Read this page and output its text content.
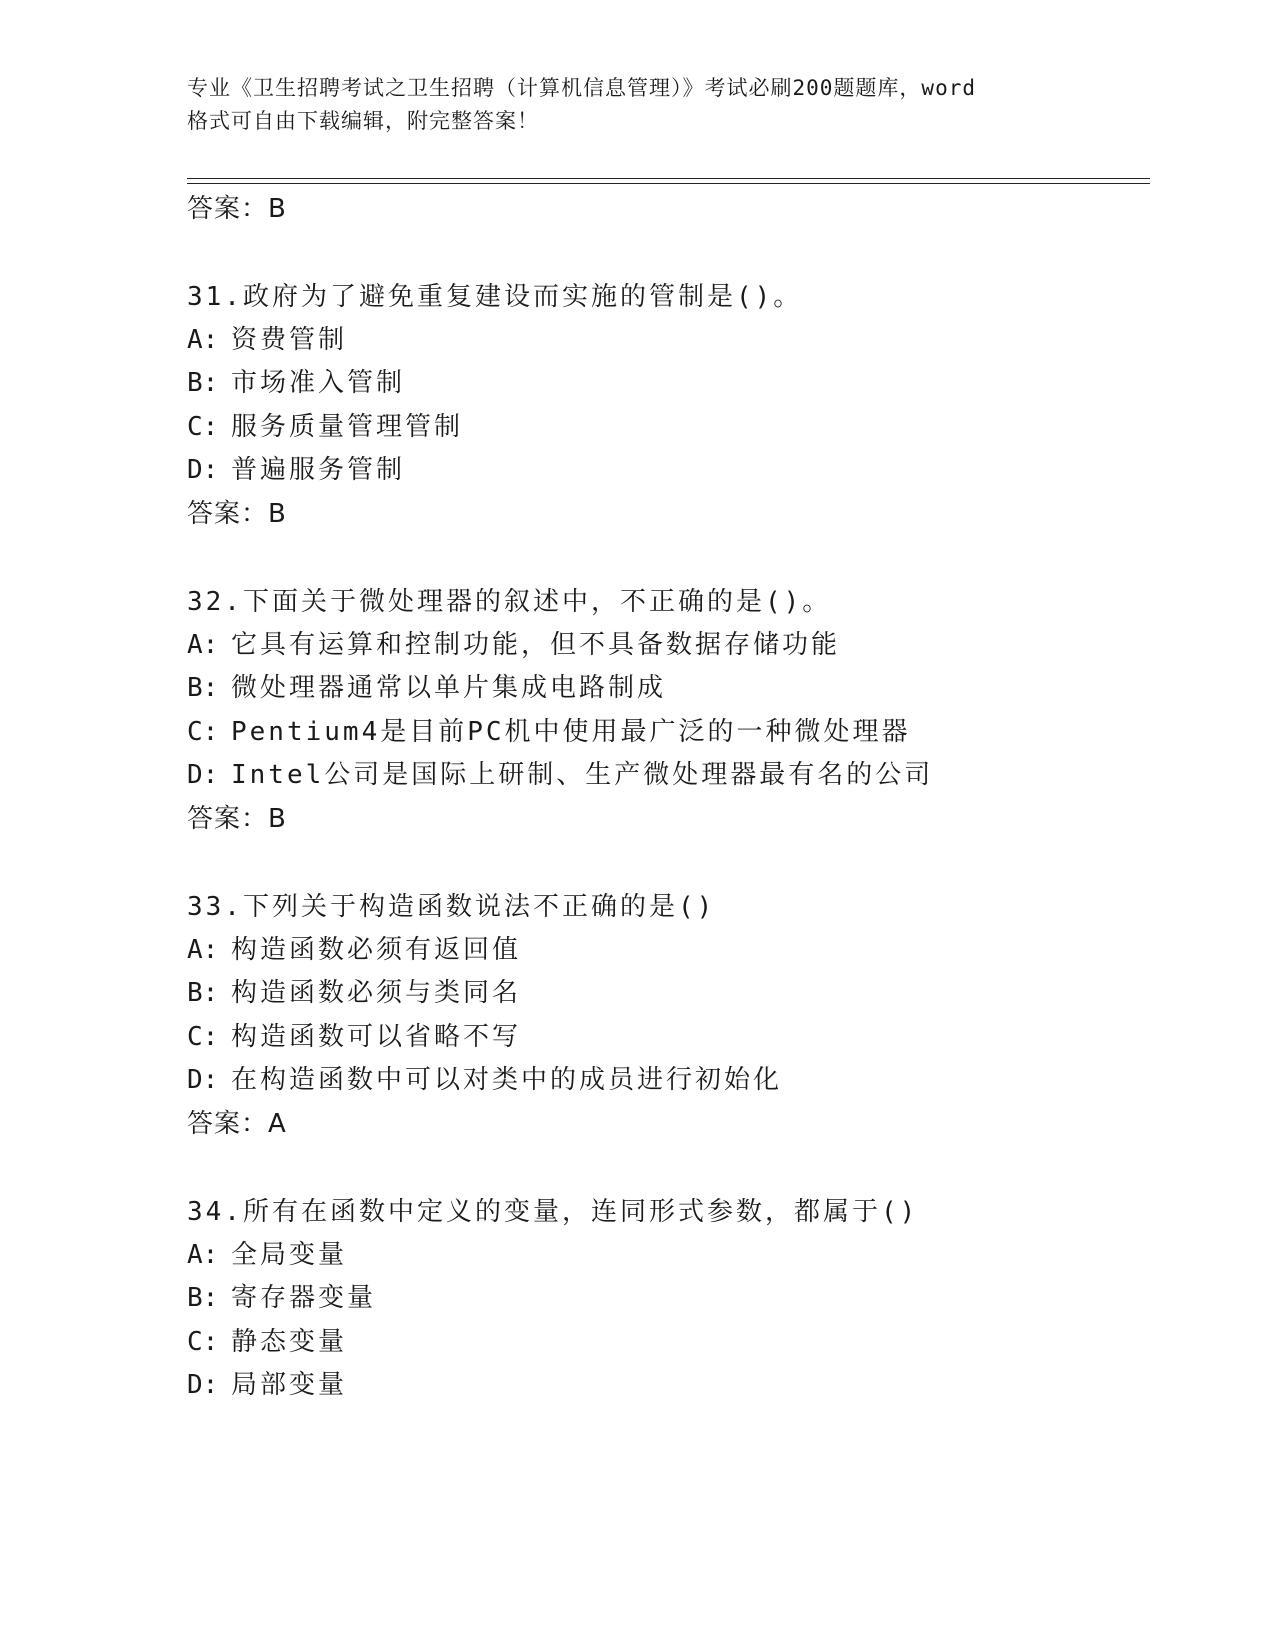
专业《卫生招聘考试之卫生招聘（计算机信息管理）》考试必刷200题题库，word
格式可自由下载编辑，附完整答案！
答案：B
31.政府为了避免重复建设而实施的管制是()。
A: 资费管制
B: 市场准入管制
C: 服务质量管理管制
D: 普遍服务管制
答案：B
32.下面关于微处理器的叙述中，不正确的是()。
A: 它具有运算和控制功能，但不具备数据存储功能
B: 微处理器通常以单片集成电路制成
C: Pentium4是目前PC机中使用最广泛的一种微处理器
D: Intel公司是国际上研制、生产微处理器最有名的公司
答案：B
33.下列关于构造函数说法不正确的是()
A: 构造函数必须有返回值
B: 构造函数必须与类同名
C: 构造函数可以省略不写
D: 在构造函数中可以对类中的成员进行初始化
答案：A
34.所有在函数中定义的变量，连同形式参数，都属于()
A: 全局变量
B: 寄存器变量
C: 静态变量
D: 局部变量
